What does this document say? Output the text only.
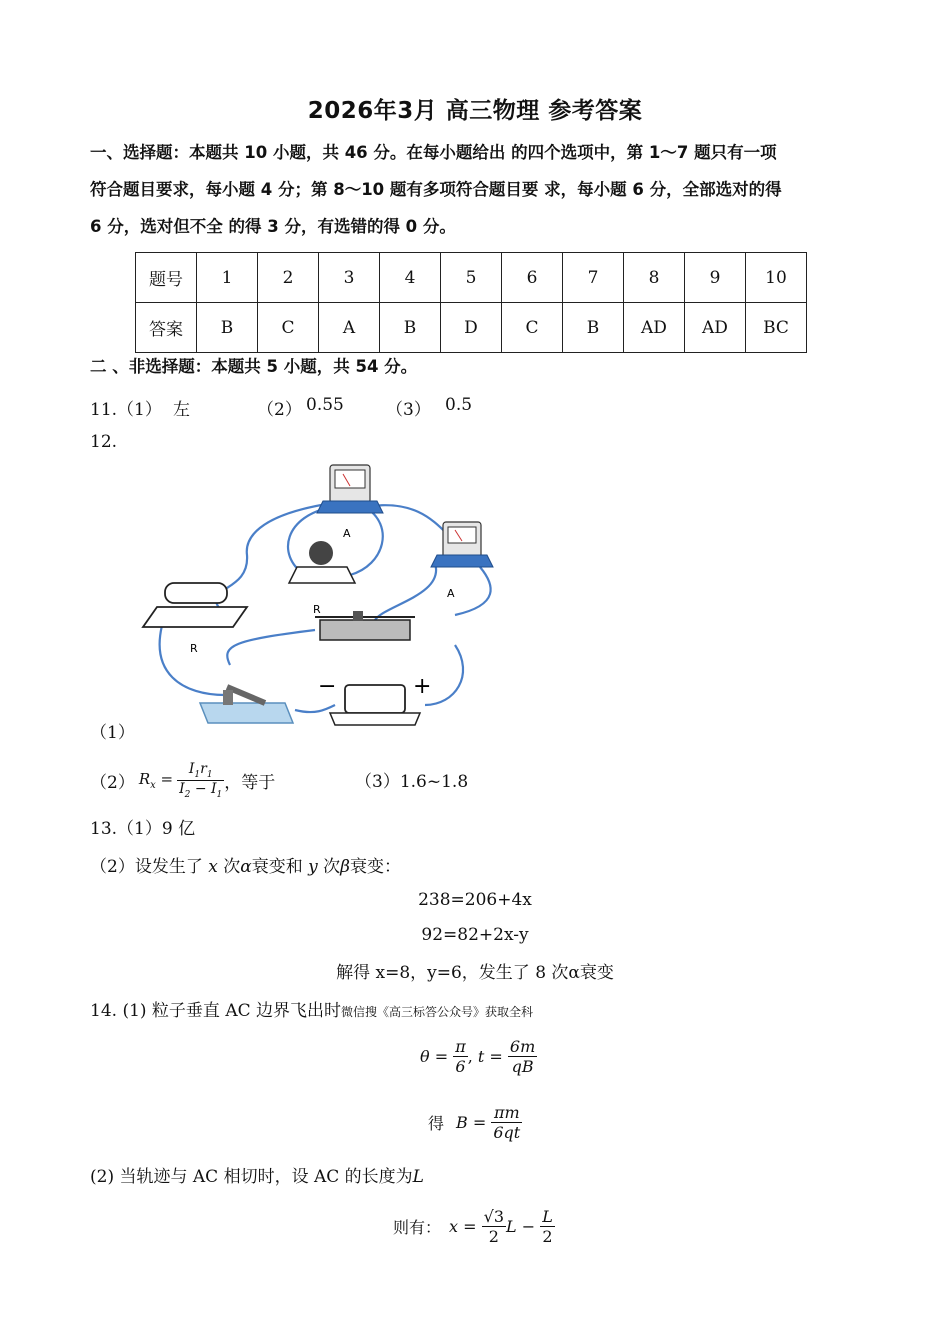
2026年3月 高三物理 参考答案
一、选择题：本题共 10 小题，共 46 分。在每小题给出 的四个选项中，第 1～7 题只有一项
符合题目要求，每小题 4 分；第 8～10 题有多项符合题目要 求，每小题 6 分，全部选对的得
6 分，选对但不全 的得 3 分，有选错的得 0 分。
题号	1	2	3	4	5	6	7	8	9	10
答案	B	C	A	B	D	C	B	AD	AD	BC
二 、非选择题：本题共 5 小题，共 54 分。
11.（1） 左	（2） 0.55 （3） 0.5
12.
A
A
R
R
−	+
（1）
（2） $R_x = \frac{I_1r_1}{I_2 - I_1}$ ，等于	（3）1.6~1.8
13.（1）9 亿
（2）设发生了 x 次α衰变和 y 次β衰变：
238=206+4x
92=82+2x-y
解得 x=8，y=6，发生了 8 次α衰变
14. (1) 粒子垂直 AC 边界飞出时微信搜《高三标答公众号》获取全科
$\theta = \frac{\pi}{6}$ , $t = \frac{6m}{qB}$
得 $B = \frac{\pi m}{6qt}$
(2) 当轨迹与 AC 相切时，设 AC 的长度为L
则有： $x = \frac{√3}{2}$ $L - \frac{L}{2}$
